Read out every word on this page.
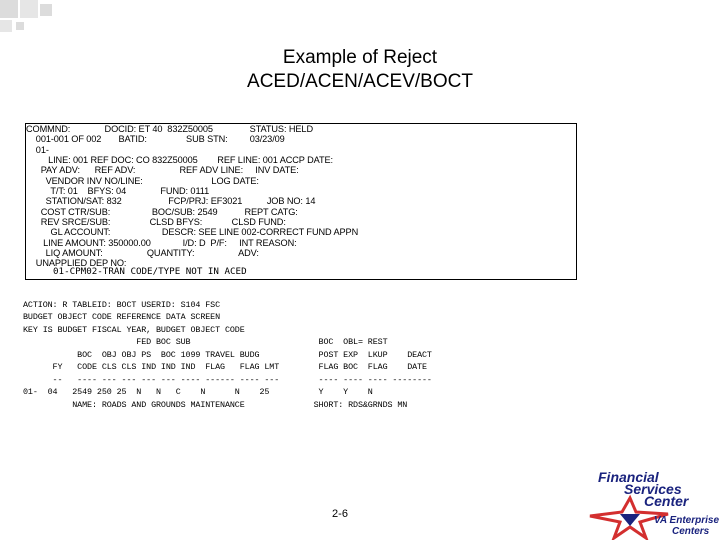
Example of Reject
ACED/ACEN/ACEV/BOCT
COMMND:              DOCID: ET 40  832Z50005               STATUS: HELD
001-001 OF 002       BATID:                SUB STN:         03/23/09
01-
LINE: 001 REF DOC: CO 832Z50005        REF LINE: 001 ACCP DATE:
PAY ADV:      REF ADV:                  REF ADV LINE:     INV DATE:
VENDOR INV NO/LINE:                            LOG DATE:
T/T: 01    BFYS: 04              FUND: 0111
STATION/SAT: 832                   FCP/PRJ: EF3021          JOB NO: 14
COST CTR/SUB:                 BOC/SUB: 2549           REPT CATG:
REV SRCE/SUB:                CLSD BFYS:            CLSD FUND:
GL ACCOUNT:                     DESCR: SEE LINE 002-CORRECT FUND APPN
LINE AMOUNT: 350000.00             I/D: D  P/F:     INT REASON:
LIQ AMOUNT:                  QUANTITY:                  ADV:
UNAPPLIED DEP NO:
01-CPM02-TRAN CODE/TYPE NOT IN ACED
ACTION: R TABLEID: BOCT USERID: S104 FSC
BUDGET OBJECT CODE REFERENCE DATA SCREEN
KEY IS BUDGET FISCAL YEAR, BUDGET OBJECT CODE
FED BOC SUB                          BOC  OBL= REST
BOC  OBJ OBJ PS  BOC 1099 TRAVEL BUDG            POST EXP  LKUP    DEACT
FY   CODE CLS CLS IND IND IND  FLAG   FLAG LMT        FLAG BOC  FLAG    DATE
--   ---- --- --- --- --- ---- ------ ---- ---        ---- ---- ---- --------
01-  04   2549 250 25  N   N   C    N      N    25          Y    Y    N
NAME: ROADS AND GROUNDS MAINTENANCE              SHORT: RDS&GRNDS MN
Financial
Services
Center
VA Enterprise
Centers
2-6
